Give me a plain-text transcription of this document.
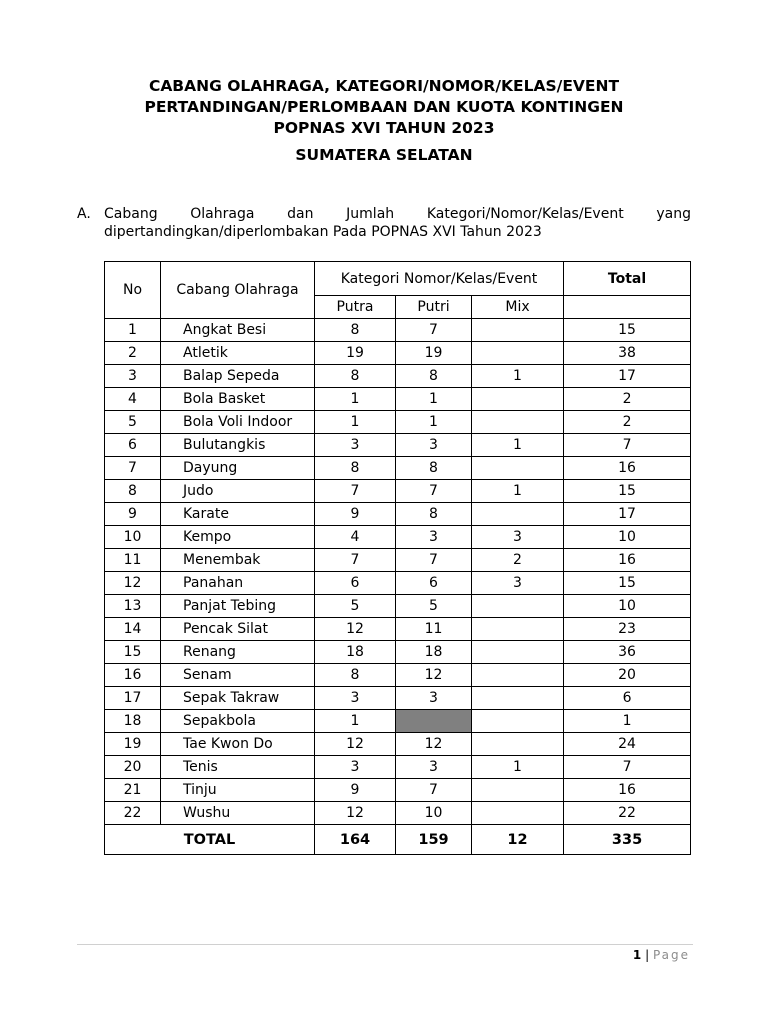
CABANG OLAHRAGA, KATEGORI/NOMOR/KELAS/EVENT
PERTANDINGAN/PERLOMBAAN DAN KUOTA KONTINGEN
POPNAS XVI TAHUN 2023
SUMATERA SELATAN
A. Cabang Olahraga dan Jumlah Kategori/Nomor/Kelas/Event yang
dipertandingkan/diperlombakan Pada POPNAS XVI Tahun 2023
No	Cabang Olahraga	Kategori Nomor/Kelas/Event			Total
		Putra	Putri	Mix	
1	Angkat Besi	8	7		15
2	Atletik	19	19		38
3	Balap Sepeda	8	8	1	17
4	Bola Basket	1	1		2
5	Bola Voli Indoor	1	1		2
6	Bulutangkis	3	3	1	7
7	Dayung	8	8		16
8	Judo	7	7	1	15
9	Karate	9	8		17
10	Kempo	4	3	3	10
11	Menembak	7	7	2	16
12	Panahan	6	6	3	15
13	Panjat Tebing	5	5		10
14	Pencak Silat	12	11		23
15	Renang	18	18		36
16	Senam	8	12		20
17	Sepak Takraw	3	3		6
18	Sepakbola	1			1
19	Tae Kwon Do	12	12		24
20	Tenis	3	3	1	7
21	Tinju	9	7		16
22	Wushu	12	10		22
TOTAL		164	159	12	335
1 | Page
